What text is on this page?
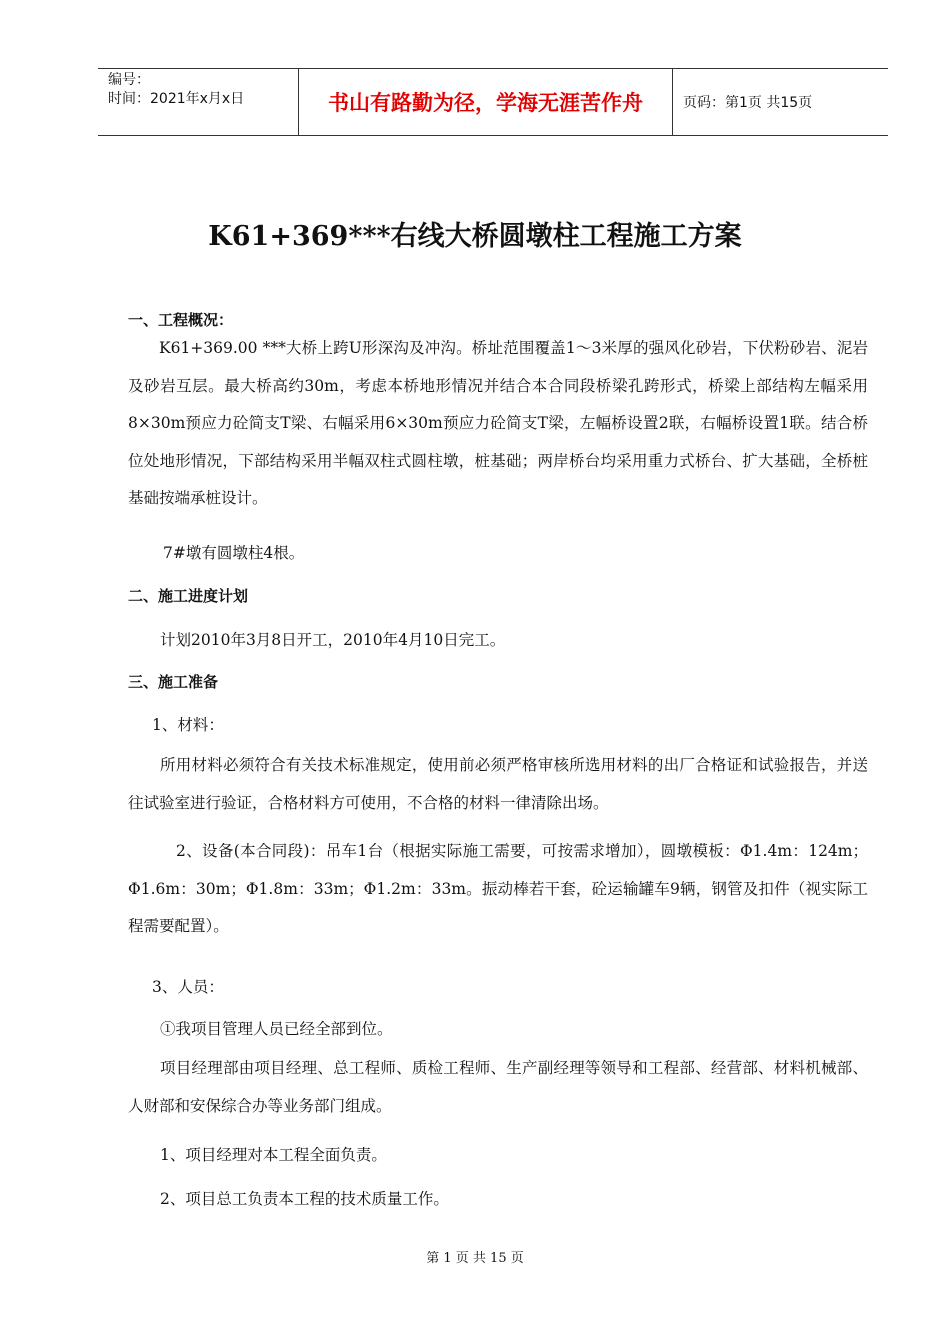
编号：
时间：2021年x月x日	书山有路勤为径，学海无涯苦作舟	页码：第1页 共15页
K61+369***右线大桥圆墩柱工程施工方案
一、工程概况：
K61+369.00 ***大桥上跨U形深沟及冲沟。桥址范围覆盖1～3米厚的强风化砂岩，下伏粉砂岩、泥岩及砂岩互层。最大桥高约30m，考虑本桥地形情况并结合本合同段桥梁孔跨形式，桥梁上部结构左幅采用8×30m预应力砼简支T梁、右幅采用6×30m预应力砼简支T梁，左幅桥设置2联，右幅桥设置1联。结合桥位处地形情况，下部结构采用半幅双柱式圆柱墩，桩基础；两岸桥台均采用重力式桥台、扩大基础，全桥桩基础按端承桩设计。
7#墩有圆墩柱4根。
二、施工进度计划
计划2010年3月8日开工，2010年4月10日完工。
三、施工准备
1、材料：
所用材料必须符合有关技术标准规定，使用前必须严格审核所选用材料的出厂合格证和试验报告，并送往试验室进行验证，合格材料方可使用，不合格的材料一律清除出场。
2、设备(本合同段)：吊车1台（根据实际施工需要，可按需求增加），圆墩模板：Φ1.4m：124m；Φ1.6m：30m；Φ1.8m：33m；Φ1.2m：33m。振动棒若干套，砼运输罐车9辆，钢管及扣件（视实际工程需要配置）。
3、人员：
①我项目管理人员已经全部到位。
项目经理部由项目经理、总工程师、质检工程师、生产副经理等领导和工程部、经营部、材料机械部、人财部和安保综合办等业务部门组成。
1、项目经理对本工程全面负责。
2、项目总工负责本工程的技术质量工作。
第 1 页 共 15 页
